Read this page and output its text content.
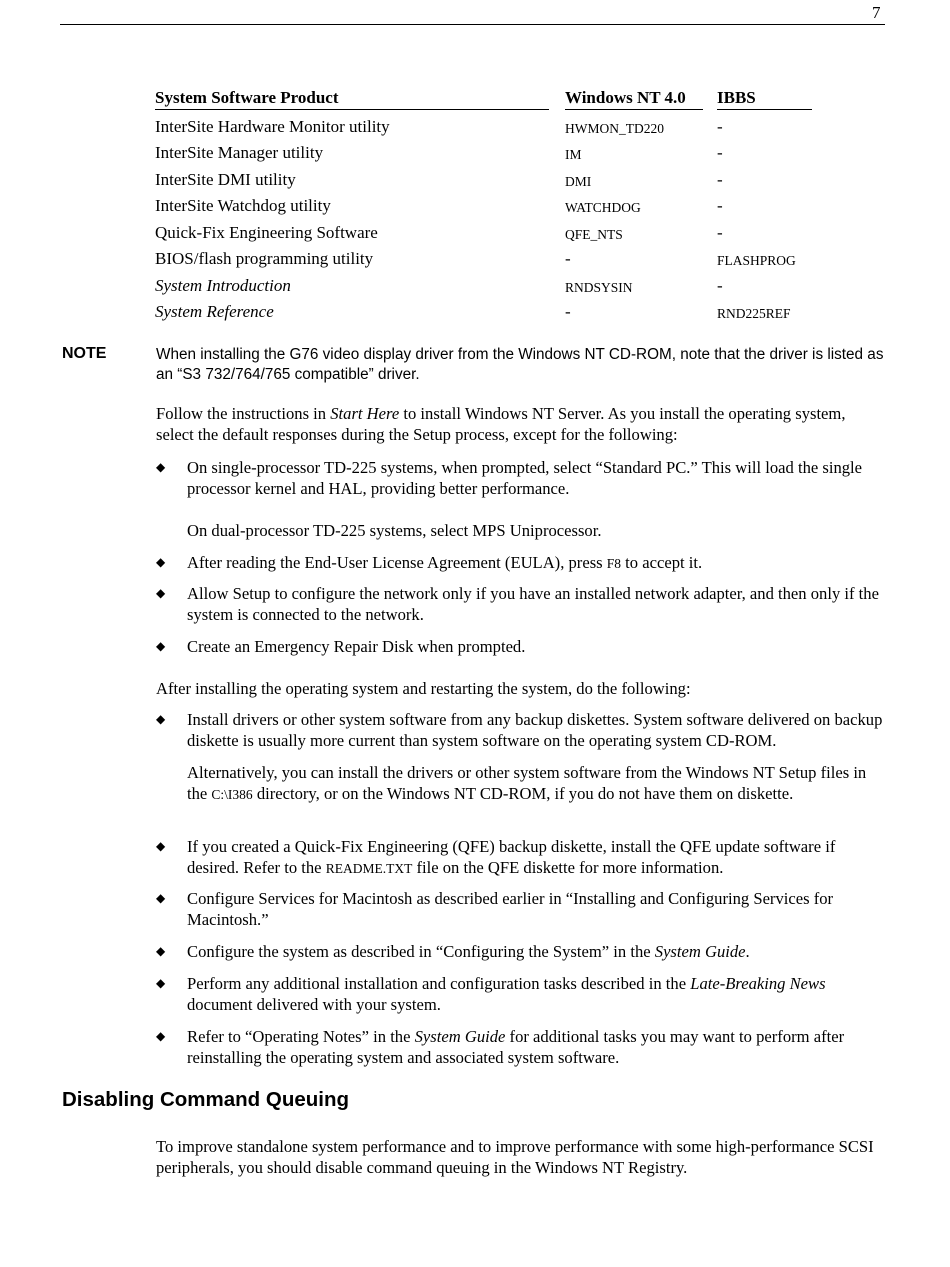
7
System Software Product	Windows NT 4.0	IBBS

InterSite Hardware Monitor utility	HWMON_TD220	-
InterSite Manager utility	IM	-
InterSite DMI utility	DMI	-
InterSite Watchdog utility	WATCHDOG	-
Quick-Fix Engineering Software	QFE_NTS	-
BIOS/flash programming utility	-	FLASHPROG
System Introduction	RNDSYSIN	-
System Reference	-	RND225REF
NOTE	When installing the G76 video display driver from the Windows NT CD-ROM, note that the driver is listed as an “S3 732/764/765 compatible” driver.
Follow the instructions in Start Here to install Windows NT Server. As you install the operating system, select the default responses during the Setup process, except for the following:
◆ On single-processor TD-225 systems, when prompted, select “Standard PC.” This will load the single processor kernel and HAL, providing better performance.
On dual-processor TD-225 systems, select MPS Uniprocessor.
◆ After reading the End-User License Agreement (EULA), press F8 to accept it.
◆ Allow Setup to configure the network only if you have an installed network adapter, and then only if the system is connected to the network.
◆ Create an Emergency Repair Disk when prompted.
After installing the operating system and restarting the system, do the following:
◆ Install drivers or other system software from any backup diskettes. System software delivered on backup diskette is usually more current than system software on the operating system CD-ROM.
Alternatively, you can install the drivers or other system software from the Windows NT Setup files in the C:\I386 directory, or on the Windows NT CD-ROM, if you do not have them on diskette.
◆ If you created a Quick-Fix Engineering (QFE) backup diskette, install the QFE update software if desired. Refer to the README.TXT file on the QFE diskette for more information.
◆ Configure Services for Macintosh as described earlier in “Installing and Configuring Services for Macintosh.”
◆ Configure the system as described in “Configuring the System” in the System Guide.
◆ Perform any additional installation and configuration tasks described in the Late-Breaking News document delivered with your system.
◆ Refer to “Operating Notes” in the System Guide for additional tasks you may want to perform after reinstalling the operating system and associated system software.
Disabling Command Queuing
To improve standalone system performance and to improve performance with some high-performance SCSI peripherals, you should disable command queuing in the Windows NT Registry.
